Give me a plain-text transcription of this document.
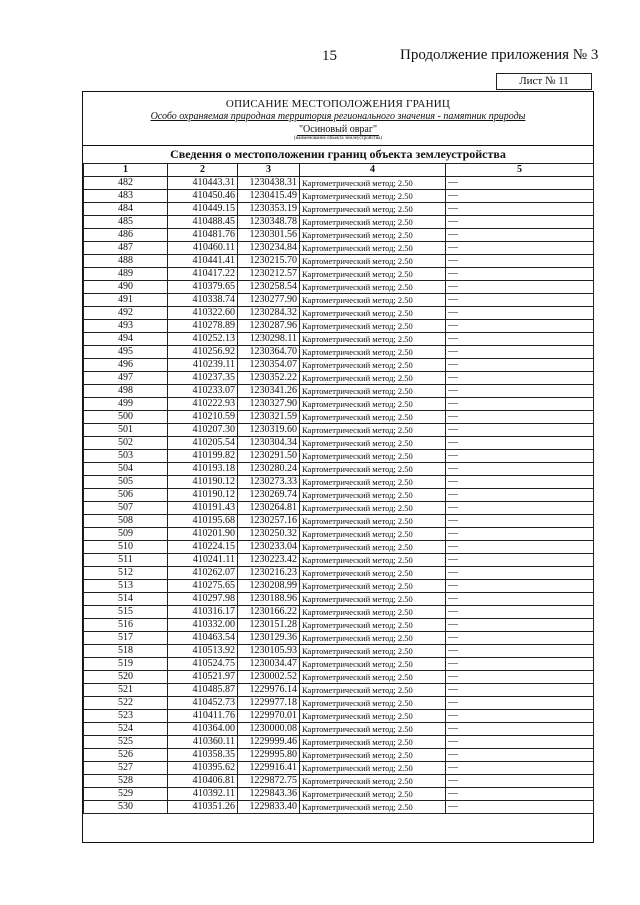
15	Продолжение приложения № 3
Лист № 11
ОПИСАНИЕ МЕСТОПОЛОЖЕНИЯ ГРАНИЦ
Особо охраняемая природная территория регионального значения - памятник природы
"Осиновый овраг"
(наименование объекта землеустройства)
Сведения о местоположении границ объекта землеустройства
1	2	3	4	5
482	410443.31	1230438.31	Картометрический метод; 2.50	—
483	410450.46	1230415.49	Картометрический метод; 2.50	—
484	410449.15	1230353.19	Картометрический метод; 2.50	—
485	410488.45	1230348.78	Картометрический метод; 2.50	—
486	410481.76	1230301.56	Картометрический метод; 2.50	—
487	410460.11	1230234.84	Картометрический метод; 2.50	—
488	410441.41	1230215.70	Картометрический метод; 2.50	—
489	410417.22	1230212.57	Картометрический метод; 2.50	—
490	410379.65	1230258.54	Картометрический метод; 2.50	—
491	410338.74	1230277.90	Картометрический метод; 2.50	—
492	410322.60	1230284.32	Картометрический метод; 2.50	—
493	410278.89	1230287.96	Картометрический метод; 2.50	—
494	410252.13	1230298.11	Картометрический метод; 2.50	—
495	410256.92	1230364.70	Картометрический метод; 2.50	—
496	410239.11	1230354.07	Картометрический метод; 2.50	—
497	410237.35	1230352.22	Картометрический метод; 2.50	—
498	410233.07	1230341.26	Картометрический метод; 2.50	—
499	410222.93	1230327.90	Картометрический метод; 2.50	—
500	410210.59	1230321.59	Картометрический метод; 2.50	—
501	410207.30	1230319.60	Картометрический метод; 2.50	—
502	410205.54	1230304.34	Картометрический метод; 2.50	—
503	410199.82	1230291.50	Картометрический метод; 2.50	—
504	410193.18	1230280.24	Картометрический метод; 2.50	—
505	410190.12	1230273.33	Картометрический метод; 2.50	—
506	410190.12	1230269.74	Картометрический метод; 2.50	—
507	410191.43	1230264.81	Картометрический метод; 2.50	—
508	410195.68	1230257.16	Картометрический метод; 2.50	—
509	410201.90	1230250.32	Картометрический метод; 2.50	—
510	410224.15	1230233.04	Картометрический метод; 2.50	—
511	410241.11	1230223.42	Картометрический метод; 2.50	—
512	410262.07	1230216.23	Картометрический метод; 2.50	—
513	410275.65	1230208.99	Картометрический метод; 2.50	—
514	410297.98	1230188.96	Картометрический метод; 2.50	—
515	410316.17	1230166.22	Картометрический метод; 2.50	—
516	410332.00	1230151.28	Картометрический метод; 2.50	—
517	410463.54	1230129.36	Картометрический метод; 2.50	—
518	410513.92	1230105.93	Картометрический метод; 2.50	—
519	410524.75	1230034.47	Картометрический метод; 2.50	—
520	410521.97	1230002.52	Картометрический метод; 2.50	—
521	410485.87	1229976.14	Картометрический метод; 2.50	—
522	410452.73	1229977.18	Картометрический метод; 2.50	—
523	410411.76	1229970.01	Картометрический метод; 2.50	—
524	410364.00	1230000.08	Картометрический метод; 2.50	—
525	410360.11	1229999.46	Картометрический метод; 2.50	—
526	410358.35	1229995.80	Картометрический метод; 2.50	—
527	410395.62	1229916.41	Картометрический метод; 2.50	—
528	410406.81	1229872.75	Картометрический метод; 2.50	—
529	410392.11	1229843.36	Картометрический метод; 2.50	—
530	410351.26	1229833.40	Картометрический метод; 2.50	—
